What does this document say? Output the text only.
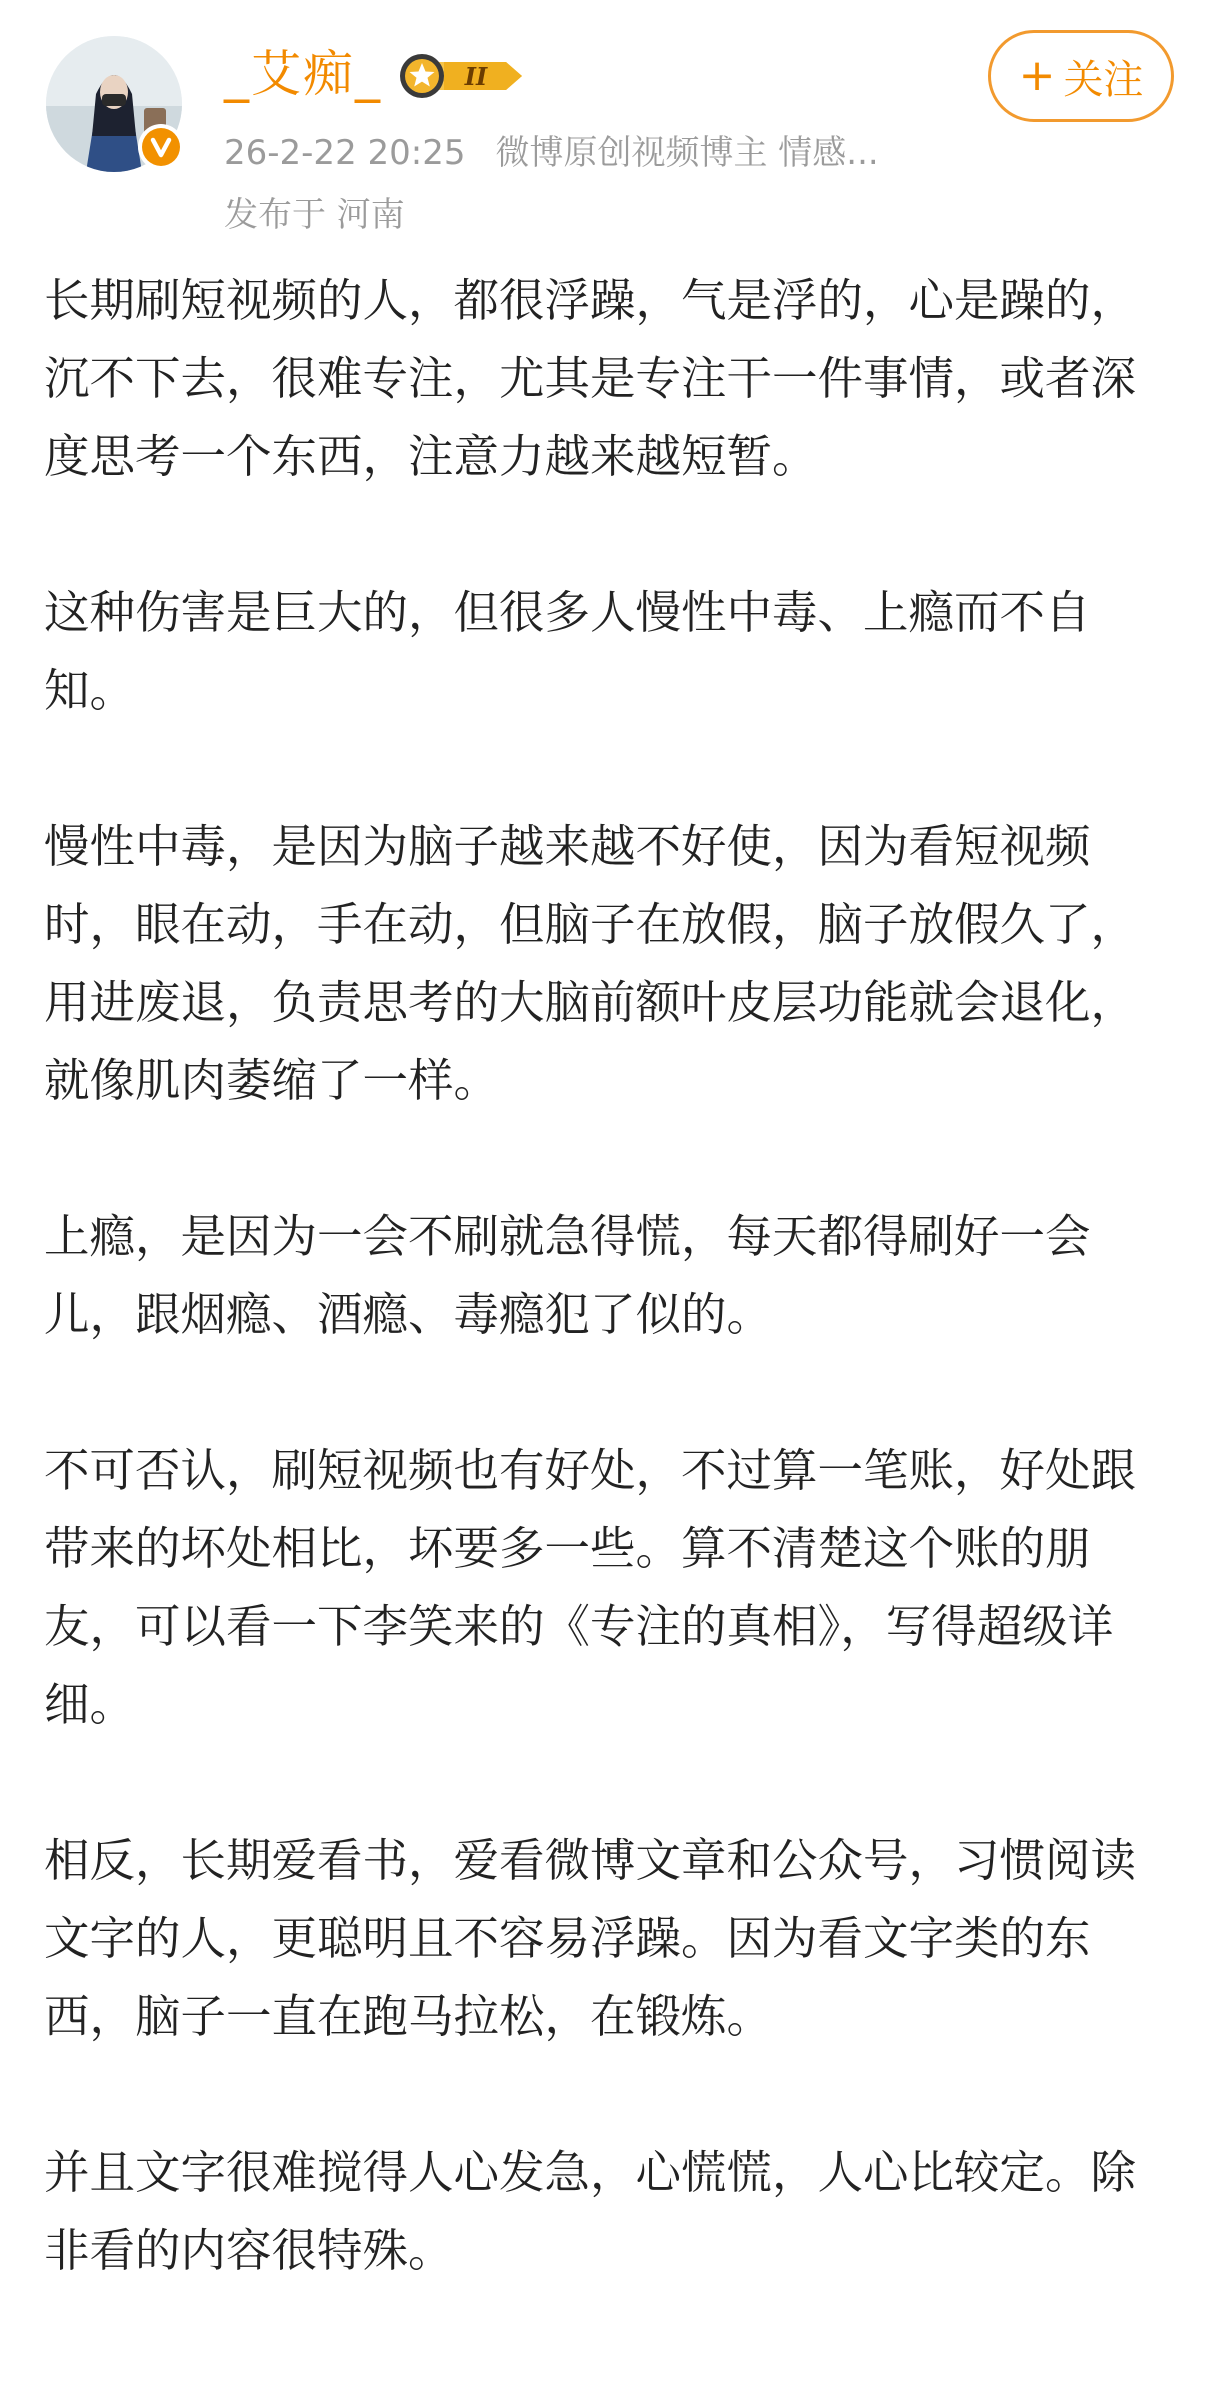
_艾痴_	II	+ 关注
26-2-22 20:25 微博原创视频博主 情感...
发布于 河南

长期刷短视频的人，都很浮躁，气是浮的，心是躁的，沉不下去，很难专注，尤其是专注干一件事情，或者深度思考一个东西，注意力越来越短暂。

这种伤害是巨大的，但很多人慢性中毒、上瘾而不自知。

慢性中毒，是因为脑子越来越不好使，因为看短视频时，眼在动，手在动，但脑子在放假，脑子放假久了，用进废退，负责思考的大脑前额叶皮层功能就会退化，就像肌肉萎缩了一样。

上瘾，是因为一会不刷就急得慌，每天都得刷好一会儿，跟烟瘾、酒瘾、毒瘾犯了似的。

不可否认，刷短视频也有好处，不过算一笔账，好处跟带来的坏处相比，坏要多一些。算不清楚这个账的朋友，可以看一下李笑来的《专注的真相》，写得超级详细。

相反，长期爱看书，爱看微博文章和公众号，习惯阅读文字的人，更聪明且不容易浮躁。因为看文字类的东西，脑子一直在跑马拉松，在锻炼。

并且文字很难搅得人心发急，心慌慌，人心比较定。除非看的内容很特殊。
